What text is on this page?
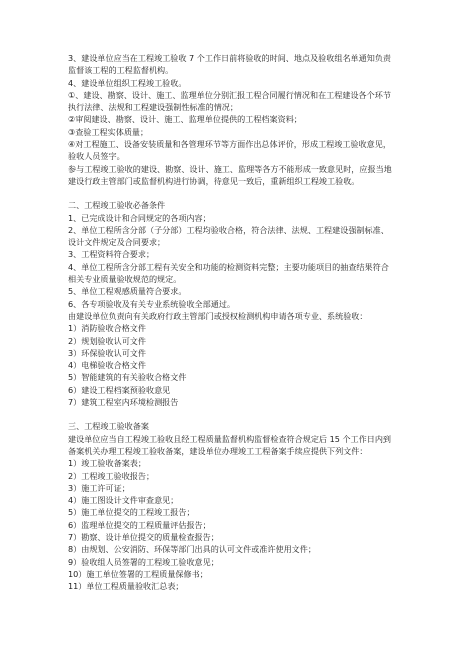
3、建设单位应当在工程竣工验收 7 个工作日前将验收的时间、地点及验收组名单通知负责

监督该工程的工程监督机构。

4、建设单位组织工程竣工验收。

①、建设、勘察、设计、施工、监理单位分别汇报工程合同履行情况和在工程建设各个环节

执行法律、法规和工程建设强制性标准的情况；

②审阅建设、勘察、设计、施工、监理单位提供的工程档案资料；

③查验工程实体质量；

④对工程施工、设备安装质量和各管理环节等方面作出总体评价，形成工程竣工验收意见，

验收人员签字。

参与工程竣工验收的建设、勘察、设计、施工、监理等各方不能形成一致意见时，应报当地

建设行政主管部门或监督机构进行协调，待意见一致后，重新组织工程竣工验收。

二、工程竣工验收必备条件

1、已完成设计和合同规定的各项内容；

2、单位工程所含分部（子分部）工程均验收合格，符合法律、法规、工程建设强制标准、

设计文件规定及合同要求；

3、工程资料符合要求；

4、单位工程所含分部工程有关安全和功能的检测资料完整；主要功能项目的抽查结果符合

相关专业质量验收规范的规定。

5、单位工程观感质量符合要求。

6、各专项验收及有关专业系统验收全部通过。

由建设单位负责向有关政府行政主管部门或授权检测机构申请各项专业、系统验收：

1）消防验收合格文件

2）规划验收认可文件

3）环保验收认可文件

4）电梯验收合格文件

5）智能建筑的有关验收合格文件

6）建设工程档案预验收意见

7）建筑工程室内环境检测报告

三、工程竣工验收备案

建设单位应当自工程竣工验收且经工程质量监督机构监督检查符合规定后 15 个工作日内到

备案机关办理工程竣工验收备案，建设单位办理竣工工程备案手续应提供下列文件：

1）竣工验收备案表；

2）工程竣工验收报告；

3）施工许可证；

4）施工图设计文件审查意见；

5）施工单位提交的工程竣工报告；

6）监理单位提交的工程质量评估报告；

7）勘察、设计单位提交的质量检查报告；

8）由规划、公安消防、环保等部门出具的认可文件或准许使用文件；

9）验收组人员签署的工程竣工验收意见；

10）施工单位签署的工程质量保修书；

11）单位工程质量验收汇总表；
